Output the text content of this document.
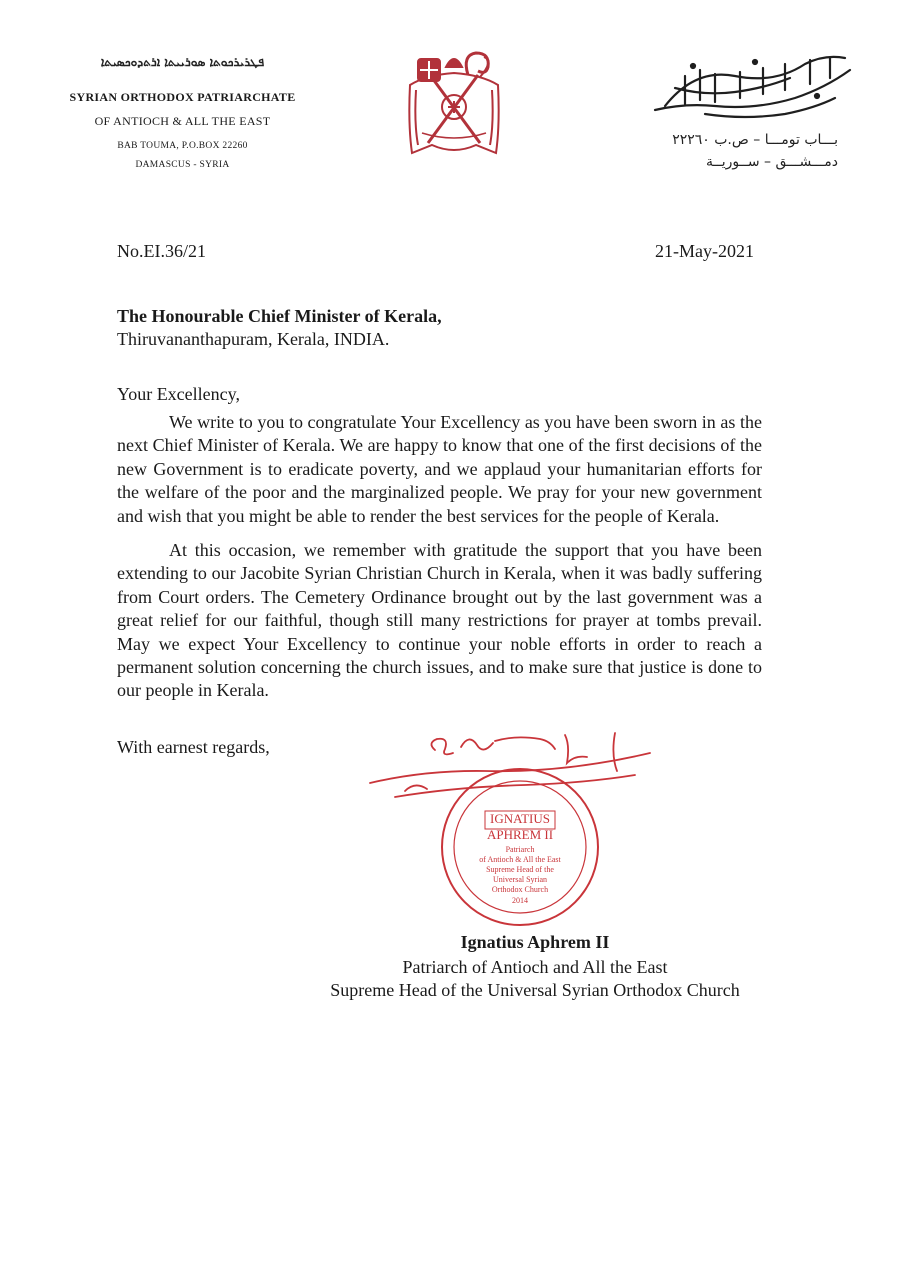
ܦܛܪܝܪܟܘܬܐ ܣܘܪܝܝܬܐ ܐܪܬܕܘܟܣܝܬܐ
SYRIAN ORTHODOX PATRIARCHATE
OF ANTIOCH & ALL THE EAST
BAB TOUMA, P.O.BOX 22260
DAMASCUS - SYRIA
بـــاب تومـــا – ص.ب ٢٢٢٦٠
دمـــشـــق – ســوريــة
No.EI.36/21	21-May-2021
The Honourable Chief Minister of Kerala,
Thiruvananthapuram, Kerala, INDIA.
Your Excellency,

We write to you to congratulate Your Excellency as you have been sworn in as the next Chief Minister of Kerala. We are happy to know that one of the first decisions of the new Government is to eradicate poverty, and we applaud your humanitarian efforts for the welfare of the poor and the marginalized people. We pray for your new government and wish that you might be able to render the best services for the people of Kerala.

At this occasion, we remember with gratitude the support that you have been extending to our Jacobite Syrian Christian Church in Kerala, when it was badly suffering from Court orders. The Cemetery Ordinance brought out by the last government was a great relief for our faithful, though still many restrictions for prayer at tombs prevail. May we expect Your Excellency to continue your noble efforts in order to reach a permanent solution concerning the church issues, and to make sure that justice is done to our people in Kerala.

With earnest regards,
IGNATIUS
APHREM II
Patriarch
of Antioch & All the East
Supreme Head of the
Universal Syrian
Orthodox Church
2014
Ignatius Aphrem II
Patriarch of Antioch and All the East
Supreme Head of the Universal Syrian Orthodox Church
